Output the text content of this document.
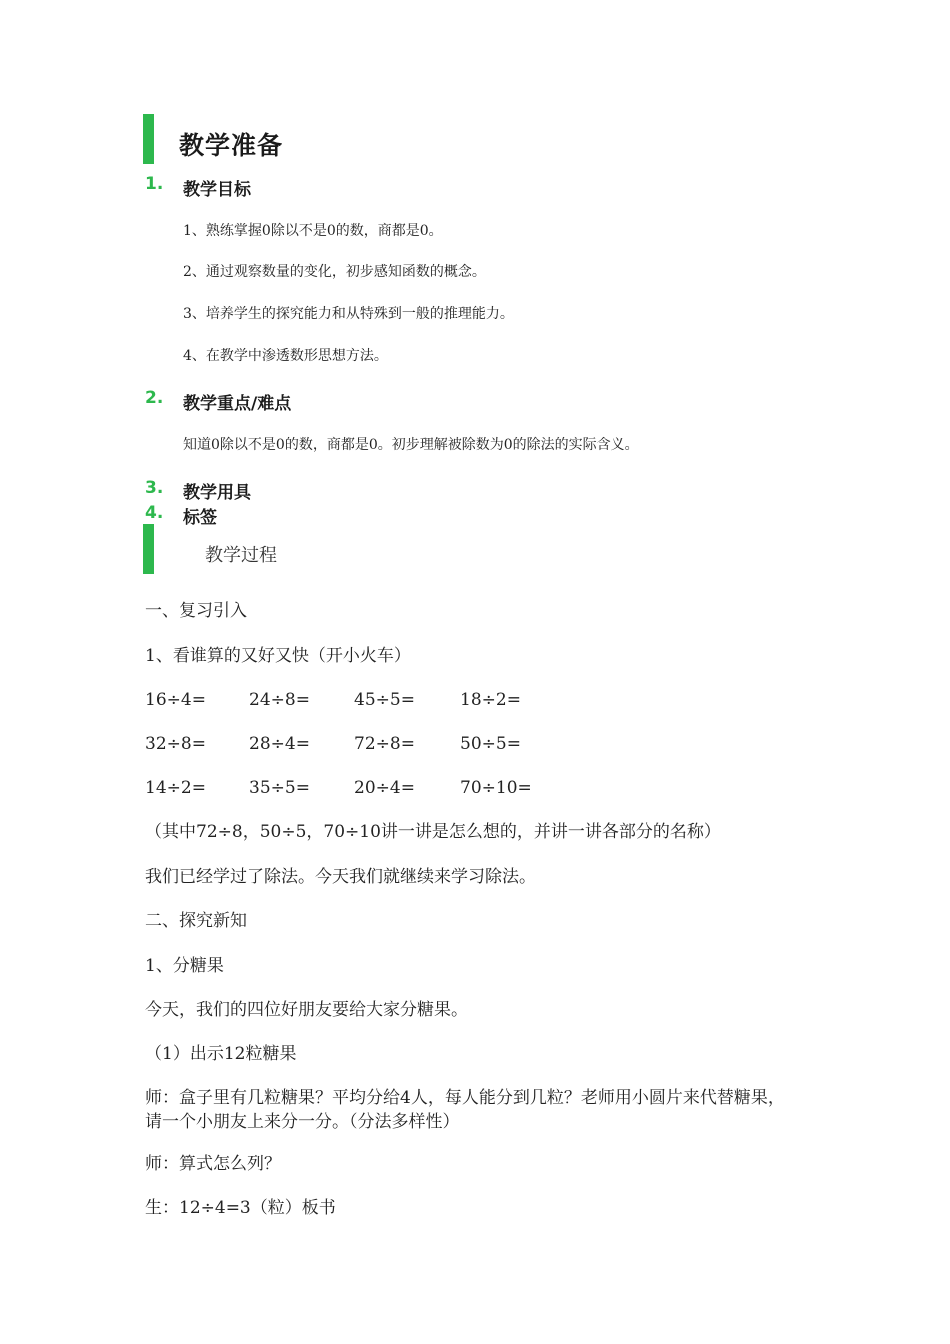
教学准备
1. 教学目标
1、熟练掌握0除以不是0的数，商都是0。
2、通过观察数量的变化，初步感知函数的概念。
3、培养学生的探究能力和从特殊到一般的推理能力。
4、在教学中渗透数形思想方法。
2. 教学重点/难点
知道0除以不是0的数，商都是0。初步理解被除数为0的除法的实际含义。
3. 教学用具
4. 标签
教学过程
一、复习引入
1、看谁算的又好又快（开小火车）
16÷4=	24÷8=	45÷5=	18÷2=
32÷8=	28÷4=	72÷8=	50÷5=
14÷2=	35÷5=	20÷4=	70÷10=
（其中72÷8，50÷5，70÷10讲一讲是怎么想的，并讲一讲各部分的名称）
我们已经学过了除法。今天我们就继续来学习除法。
二、探究新知
1、分糖果
今天，我们的四位好朋友要给大家分糖果。
（1）出示12粒糖果
师：盒子里有几粒糖果？平均分给4人，每人能分到几粒？老师用小圆片来代替糖果，请一个小朋友上来分一分。（分法多样性）
师：算式怎么列？
生：12÷4=3（粒）板书
